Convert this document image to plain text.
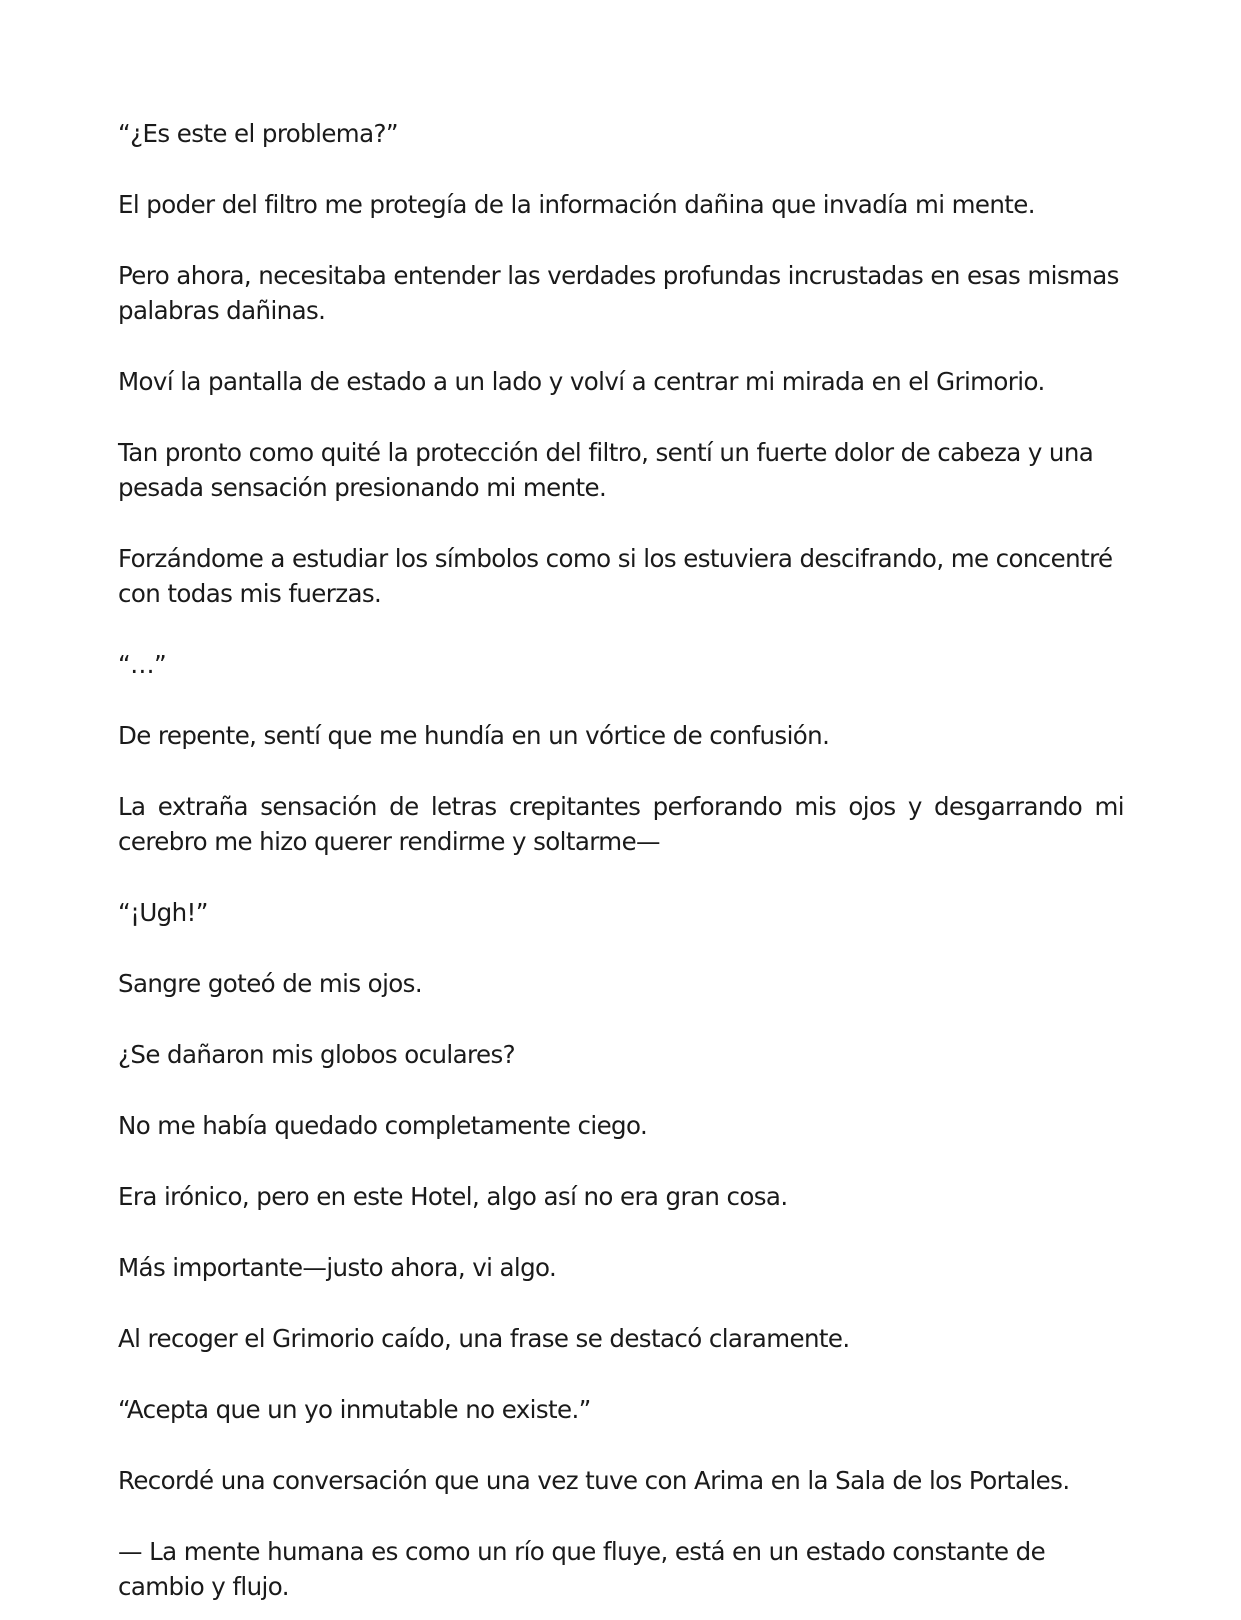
“¿Es este el problema?”

El poder del filtro me protegía de la información dañina que invadía mi mente.

Pero ahora, necesitaba entender las verdades profundas incrustadas en esas mismas palabras dañinas.

Moví la pantalla de estado a un lado y volví a centrar mi mirada en el Grimorio.

Tan pronto como quité la protección del filtro, sentí un fuerte dolor de cabeza y una pesada sensación presionando mi mente.

Forzándome a estudiar los símbolos como si los estuviera descifrando, me concentré con todas mis fuerzas.

“…”

De repente, sentí que me hundía en un vórtice de confusión.

La extraña sensación de letras crepitantes perforando mis ojos y desgarrando mi cerebro me hizo querer rendirme y soltarme—

“¡Ugh!”

Sangre goteó de mis ojos.

¿Se dañaron mis globos oculares?

No me había quedado completamente ciego.

Era irónico, pero en este Hotel, algo así no era gran cosa.

Más importante—justo ahora, vi algo.

Al recoger el Grimorio caído, una frase se destacó claramente.

“Acepta que un yo inmutable no existe.”

Recordé una conversación que una vez tuve con Arima en la Sala de los Portales.

— La mente humana es como un río que fluye, está en un estado constante de cambio y flujo.
